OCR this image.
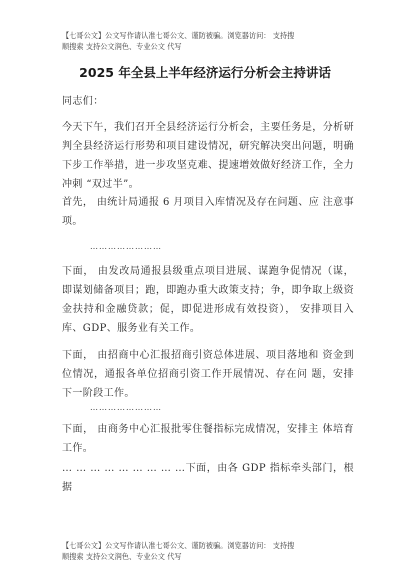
【七哥公文】公文写作请认准七哥公文、谨防被骗。浏览器访问： 支持搜
顺搜索 支持公文润色、专业公文 代写
2025 年全县上半年经济运行分析会主持讲话
同志们：
今天下午，我们召开全县经济运行分析会，主要任务是，分析研判全县经济运行形势和项目建设情况，研究解决突出问题，明确下步工作举措，进一步攻坚克难、提速增效做好经济工作，全力冲刺 “双过半”。
首先， 由统计局通报 6 月项目入库情况及存在问题、应 注意事项。
……………………
下面， 由发改局通报县级重点项目进展、谋跑争促情况（谋，即谋划储备项目；跑，即跑办重大政策支持；争，即争取上级资金扶持和金融贷款；促，即促进形成有效投资）， 安排项目入库、GDP、服务业有关工作。
下面， 由招商中心汇报招商引资总体进展、项目落地和 资金到位情况，通报各单位招商引资工作开展情况、存在问 题，安排下一阶段工作。
……………………
下面， 由商务中心汇报批零住餐指标完成情况，安排主 体培育工作。
… … … … … … … … …下面，由各 GDP 指标牵头部门，根据
【七哥公文】公文写作请认准七哥公文、谨防被骗。浏览器访问： 支持搜
顺搜索 支持公文润色、专业公文 代写
